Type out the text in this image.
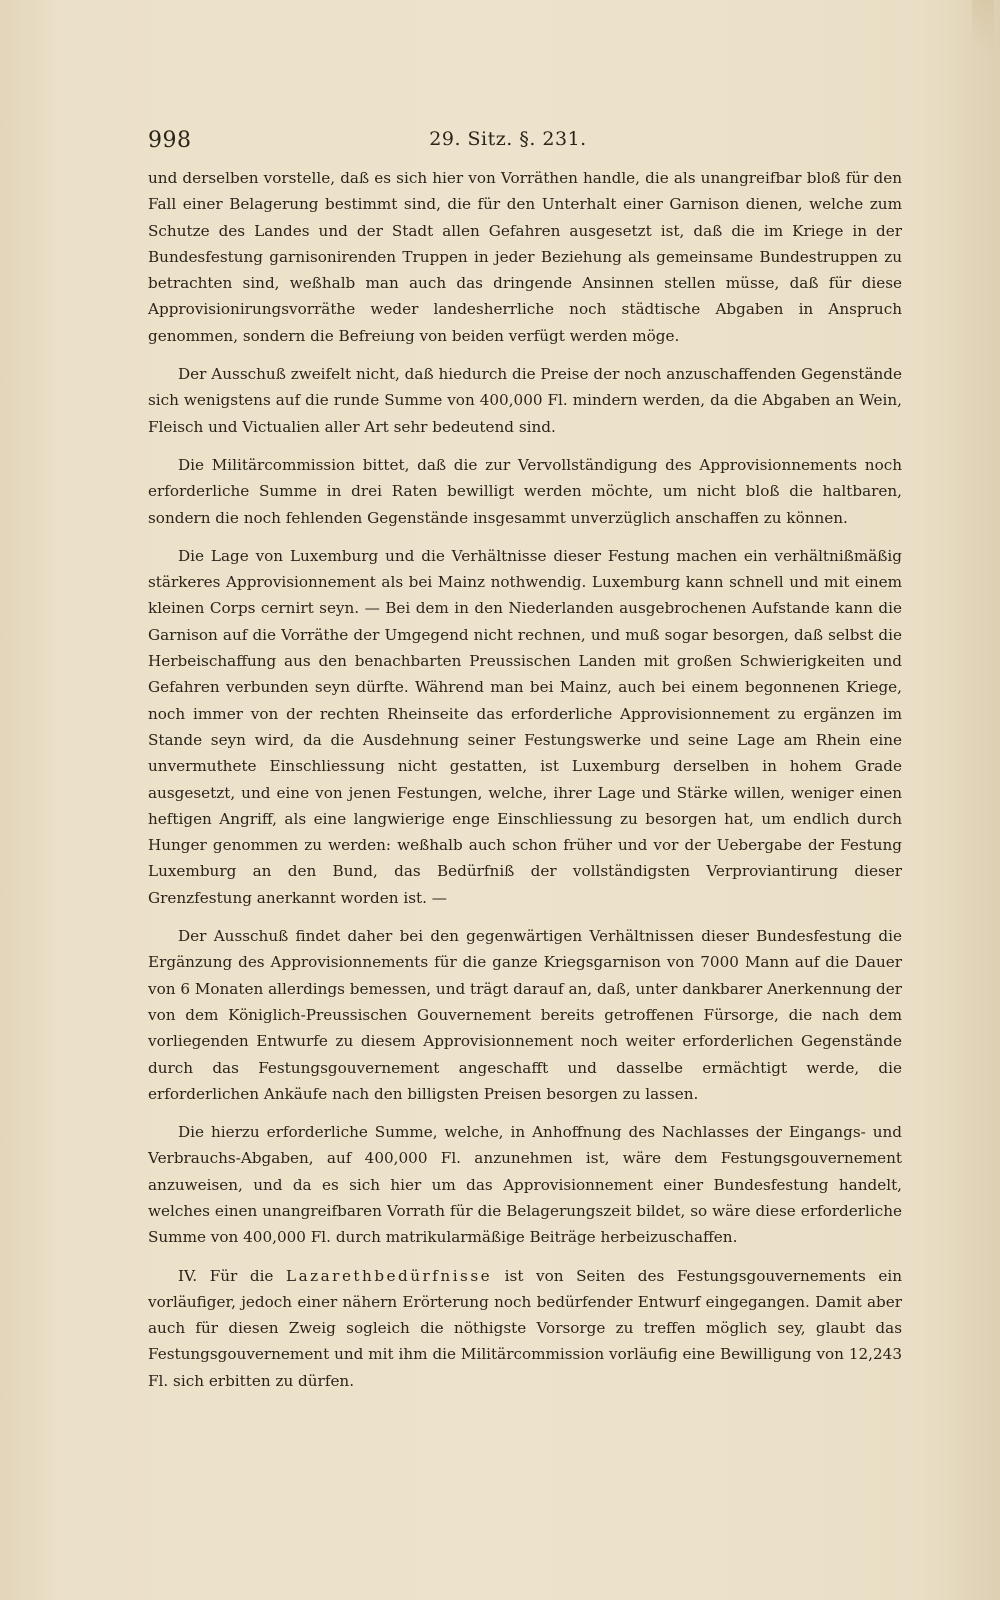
998	29. Sitz. §. 231.

und derselben vorstelle, daß es sich hier von Vorräthen handle, die als unangreifbar bloß für den Fall einer Belagerung bestimmt sind, die für den Unterhalt einer Garnison dienen, welche zum Schutze des Landes und der Stadt allen Gefahren ausgesetzt ist, daß die im Kriege in der Bundesfestung garnisonirenden Truppen in jeder Beziehung als gemeinsame Bundestruppen zu betrachten sind, weßhalb man auch das dringende Ansinnen stellen müsse, daß für diese Approvisionirungsvorräthe weder landesherrliche noch städtische Abgaben in Anspruch genommen, sondern die Befreiung von beiden verfügt werden möge.

Der Ausschuß zweifelt nicht, daß hiedurch die Preise der noch anzuschaffenden Gegenstände sich wenigstens auf die runde Summe von 400,000 Fl. mindern werden, da die Abgaben an Wein, Fleisch und Victualien aller Art sehr bedeutend sind.

Die Militärcommission bittet, daß die zur Vervollständigung des Approvisionnements noch erforderliche Summe in drei Raten bewilligt werden möchte, um nicht bloß die haltbaren, sondern die noch fehlenden Gegenstände insgesammt unverzüglich anschaffen zu können.

Die Lage von Luxemburg und die Verhältnisse dieser Festung machen ein verhältnißmäßig stärkeres Approvisionnement als bei Mainz nothwendig. Luxemburg kann schnell und mit einem kleinen Corps cernirt seyn. — Bei dem in den Niederlanden ausgebrochenen Aufstande kann die Garnison auf die Vorräthe der Umgegend nicht rechnen, und muß sogar besorgen, daß selbst die Herbeischaffung aus den benachbarten Preussischen Landen mit großen Schwierigkeiten und Gefahren verbunden seyn dürfte. Während man bei Mainz, auch bei einem begonnenen Kriege, noch immer von der rechten Rheinseite das erforderliche Approvisionnement zu ergänzen im Stande seyn wird, da die Ausdehnung seiner Festungswerke und seine Lage am Rhein eine unvermuthete Einschliessung nicht gestatten, ist Luxemburg derselben in hohem Grade ausgesetzt, und eine von jenen Festungen, welche, ihrer Lage und Stärke willen, weniger einen heftigen Angriff, als eine langwierige enge Einschliessung zu besorgen hat, um endlich durch Hunger genommen zu werden: weßhalb auch schon früher und vor der Uebergabe der Festung Luxemburg an den Bund, das Bedürfniß der vollständigsten Verproviantirung dieser Grenzfestung anerkannt worden ist. —

Der Ausschuß findet daher bei den gegenwärtigen Verhältnissen dieser Bundesfestung die Ergänzung des Approvisionnements für die ganze Kriegsgarnison von 7000 Mann auf die Dauer von 6 Monaten allerdings bemessen, und trägt darauf an, daß, unter dankbarer Anerkennung der von dem Königlich-Preussischen Gouvernement bereits getroffenen Fürsorge, die nach dem vorliegenden Entwurfe zu diesem Approvisionnement noch weiter erforderlichen Gegenstände durch das Festungsgouvernement angeschafft und dasselbe ermächtigt werde, die erforderlichen Ankäufe nach den billigsten Preisen besorgen zu lassen.

Die hierzu erforderliche Summe, welche, in Anhoffnung des Nachlasses der Eingangs- und Verbrauchs-Abgaben, auf 400,000 Fl. anzunehmen ist, wäre dem Festungsgouvernement anzuweisen, und da es sich hier um das Approvisionnement einer Bundesfestung handelt, welches einen unangreifbaren Vorrath für die Belagerungszeit bildet, so wäre diese erforderliche Summe von 400,000 Fl. durch matrikularmäßige Beiträge herbeizuschaffen.

IV. Für die Lazarethbedürfnisse ist von Seiten des Festungsgouvernements ein vorläufiger, jedoch einer nähern Erörterung noch bedürfender Entwurf eingegangen. Damit aber auch für diesen Zweig sogleich die nöthigste Vorsorge zu treffen möglich sey, glaubt das Festungsgouvernement und mit ihm die Militärcommission vorläufig eine Bewilligung von 12,243 Fl. sich erbitten zu dürfen.
